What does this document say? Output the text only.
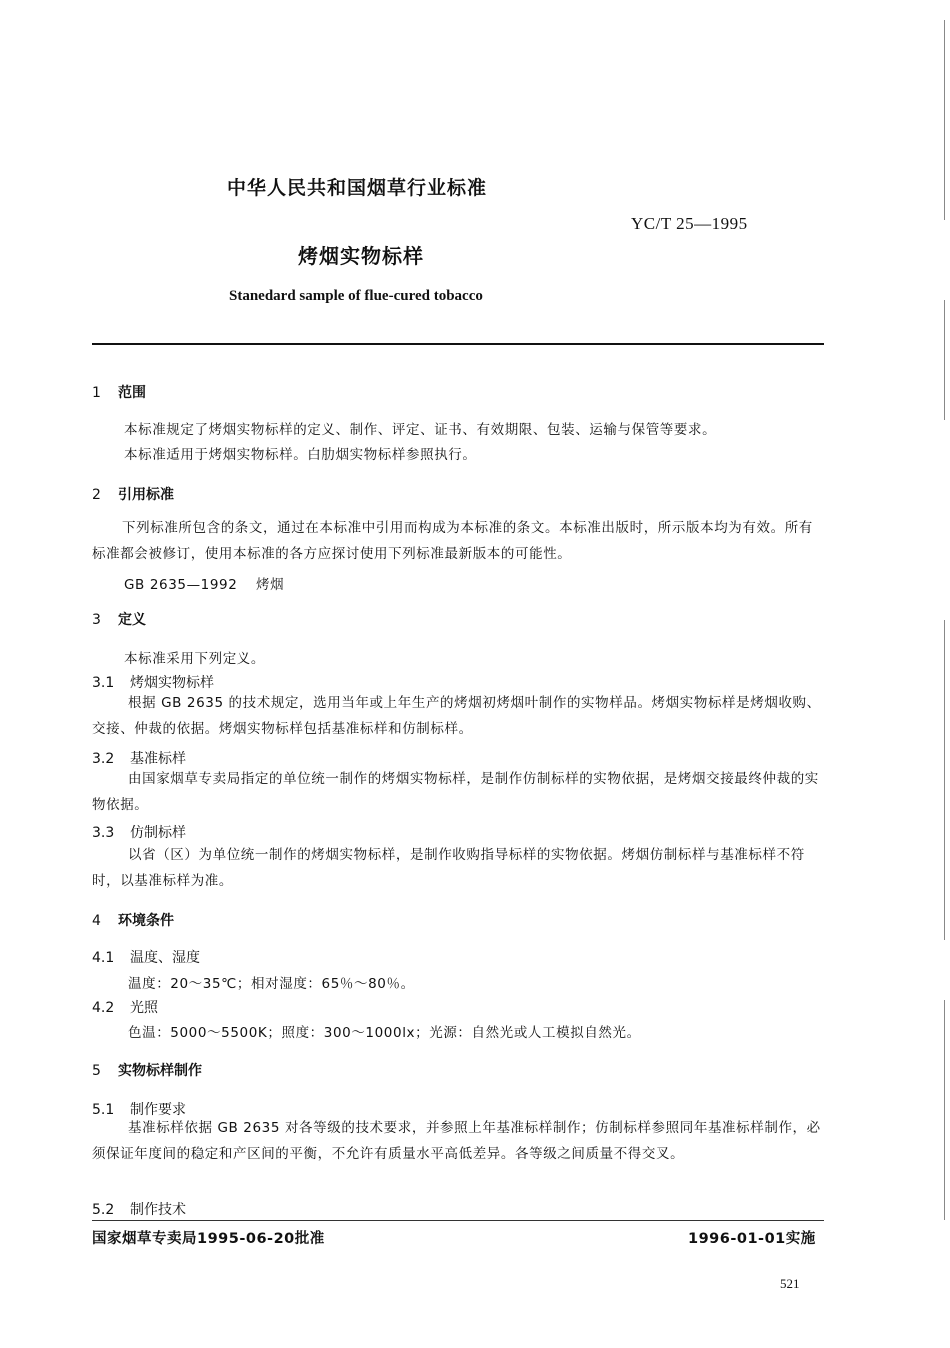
中华人民共和国烟草行业标准
YC/T 25—1995
烤烟实物标样
Stanedard sample of flue-cured tobacco
1 范围
本标准规定了烤烟实物标样的定义、制作、评定、证书、有效期限、包装、运输与保管等要求。
本标准适用于烤烟实物标样。白肋烟实物标样参照执行。
2 引用标准
下列标准所包含的条文，通过在本标准中引用而构成为本标准的条文。本标准出版时，所示版本均为有效。所有标准都会被修订，使用本标准的各方应探讨使用下列标准最新版本的可能性。
GB 2635—1992 烤烟
3 定义
本标准采用下列定义。
3.1 烤烟实物标样
根据 GB 2635 的技术规定，选用当年或上年生产的烤烟初烤烟叶制作的实物样品。烤烟实物标样是烤烟收购、交接、仲裁的依据。烤烟实物标样包括基准标样和仿制标样。
3.2 基准标样
由国家烟草专卖局指定的单位统一制作的烤烟实物标样，是制作仿制标样的实物依据，是烤烟交接最终仲裁的实物依据。
3.3 仿制标样
以省（区）为单位统一制作的烤烟实物标样，是制作收购指导标样的实物依据。烤烟仿制标样与基准标样不符时，以基准标样为准。
4 环境条件
4.1 温度、湿度
温度：20～35℃；相对湿度：65％～80％。
4.2 光照
色温：5000～5500K；照度：300～1000lx；光源：自然光或人工模拟自然光。
5 实物标样制作
5.1 制作要求
基准标样依据 GB 2635 对各等级的技术要求，并参照上年基准标样制作；仿制标样参照同年基准标样制作，必须保证年度间的稳定和产区间的平衡，不允许有质量水平高低差异。各等级之间质量不得交叉。
5.2 制作技术
国家烟草专卖局1995-06-20批准	1996-01-01实施
521
